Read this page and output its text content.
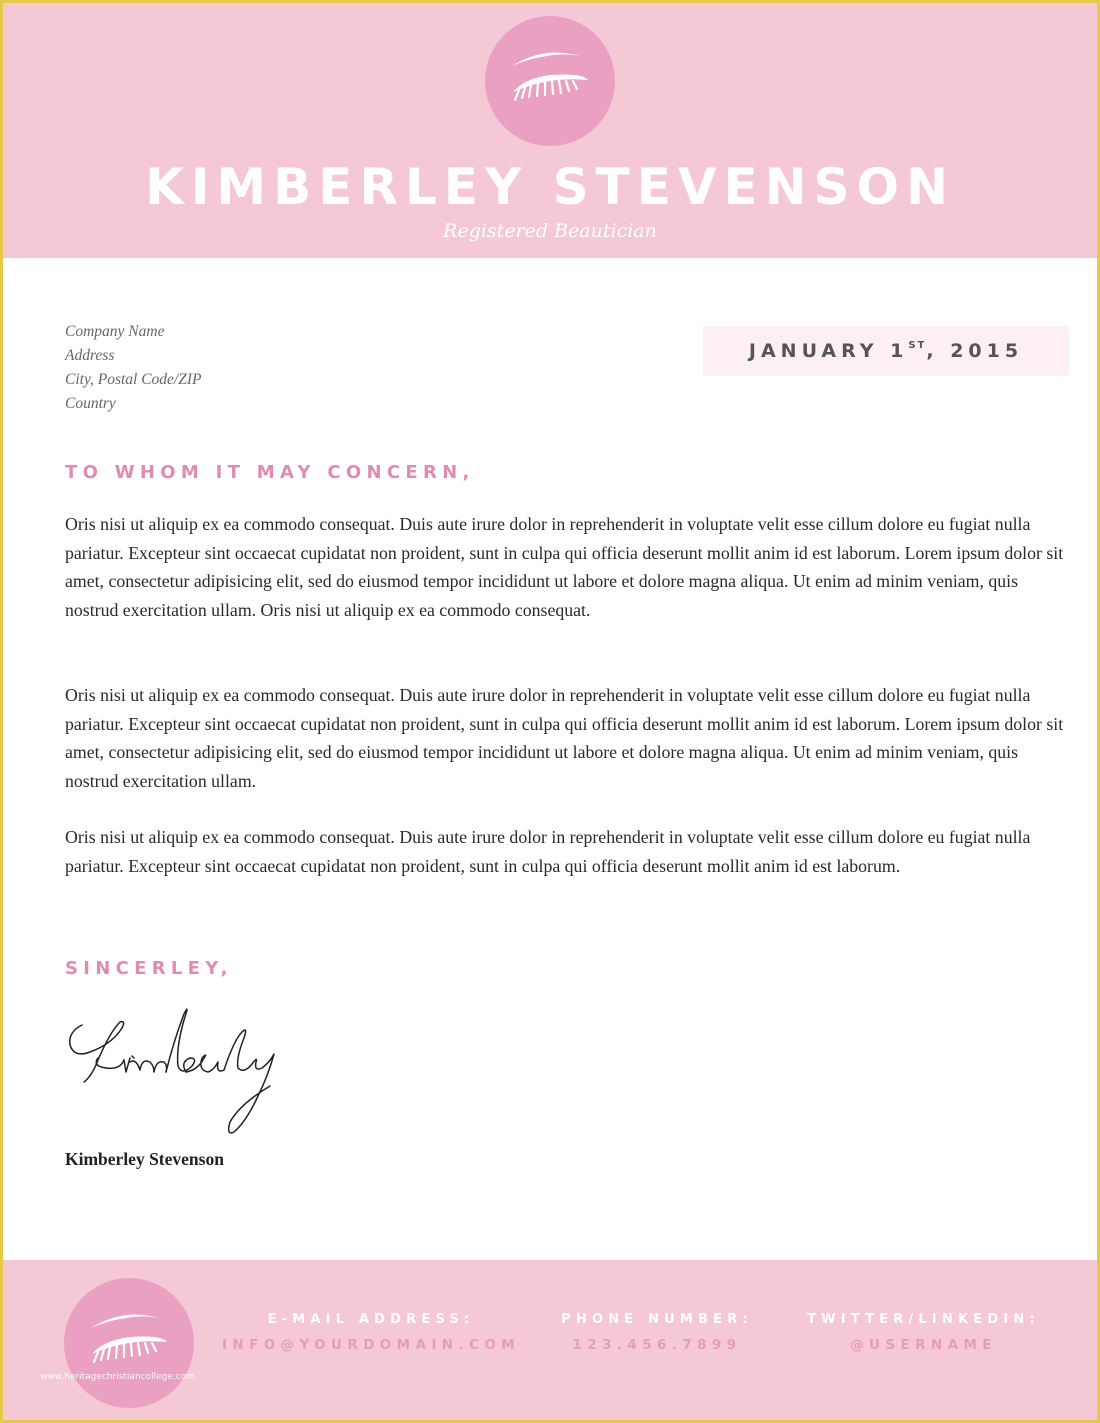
KIMBERLEY STEVENSON
Registered Beautician
Company Name
Address
City, Postal Code/ZIP
Country
JANUARY 1ST, 2015
TO WHOM IT MAY CONCERN,
Oris nisi ut aliquip ex ea commodo consequat. Duis aute irure dolor in reprehenderit in voluptate velit esse cillum dolore eu fugiat nulla pariatur. Excepteur sint occaecat cupidatat non proident, sunt in culpa qui officia deserunt mollit anim id est laborum. Lorem ipsum dolor sit amet, consectetur adipisicing elit, sed do eiusmod tempor incididunt ut labore et dolore magna aliqua. Ut enim ad minim veniam, quis nostrud exercitation ullam. Oris nisi ut aliquip ex ea commodo consequat.
Oris nisi ut aliquip ex ea commodo consequat. Duis aute irure dolor in reprehenderit in voluptate velit esse cillum dolore eu fugiat nulla pariatur. Excepteur sint occaecat cupidatat non proident, sunt in culpa qui officia deserunt mollit anim id est laborum. Lorem ipsum dolor sit amet, consectetur adipisicing elit, sed do eiusmod tempor incididunt ut labore et dolore magna aliqua. Ut enim ad minim veniam, quis nostrud exercitation ullam.
Oris nisi ut aliquip ex ea commodo consequat. Duis aute irure dolor in reprehenderit in voluptate velit esse cillum dolore eu fugiat nulla pariatur. Excepteur sint occaecat cupidatat non proident, sunt in culpa qui officia deserunt mollit anim id est laborum.
SINCERLEY,
Kimberley Stevenson
E-MAIL ADDRESS:
INFO@YOURDOMAIN.COM
PHONE NUMBER:
123.456.7899
TWITTER/LINKEDIN:
@USERNAME
www.heritagechristiancollege.com
